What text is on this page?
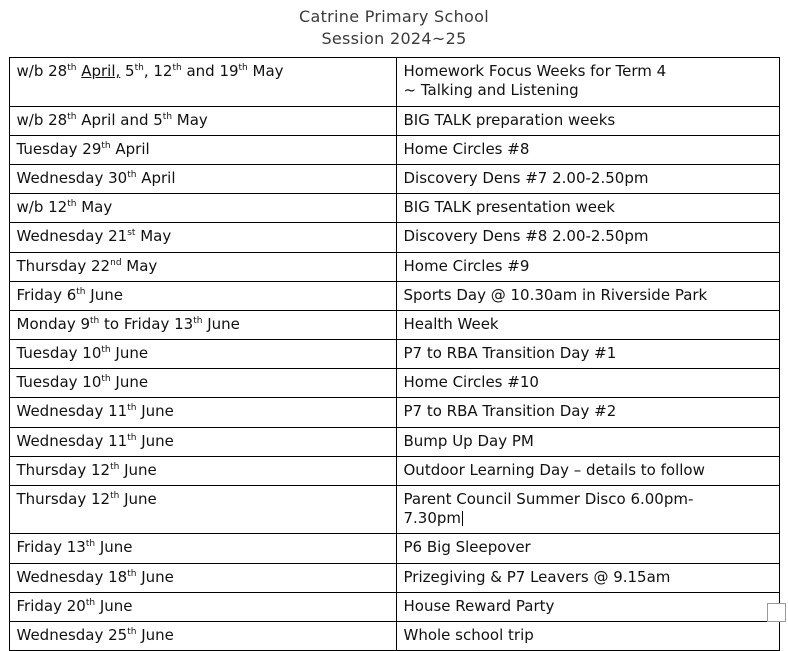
Catrine Primary School
Session 2024~25
w/b 28th April, 5th, 12th and 19th May	Homework Focus Weeks for Term 4
~ Talking and Listening
w/b 28th April and 5th May	BIG TALK preparation weeks
Tuesday 29th April	Home Circles #8
Wednesday 30th April	Discovery Dens #7 2.00-2.50pm
w/b 12th May	BIG TALK presentation week
Wednesday 21st May	Discovery Dens #8 2.00-2.50pm
Thursday 22nd May	Home Circles #9
Friday 6th June	Sports Day @ 10.30am in Riverside Park
Monday 9th to Friday 13th June	Health Week
Tuesday 10th June	P7 to RBA Transition Day #1
Tuesday 10th June	Home Circles #10
Wednesday 11th June	P7 to RBA Transition Day #2
Wednesday 11th June	Bump Up Day PM
Thursday 12th June	Outdoor Learning Day – details to follow
Thursday 12th June	Parent Council Summer Disco 6.00pm-
7.30pm
Friday 13th June	P6 Big Sleepover
Wednesday 18th June	Prizegiving & P7 Leavers @ 9.15am
Friday 20th June	House Reward Party
Wednesday 25th June	Whole school trip
